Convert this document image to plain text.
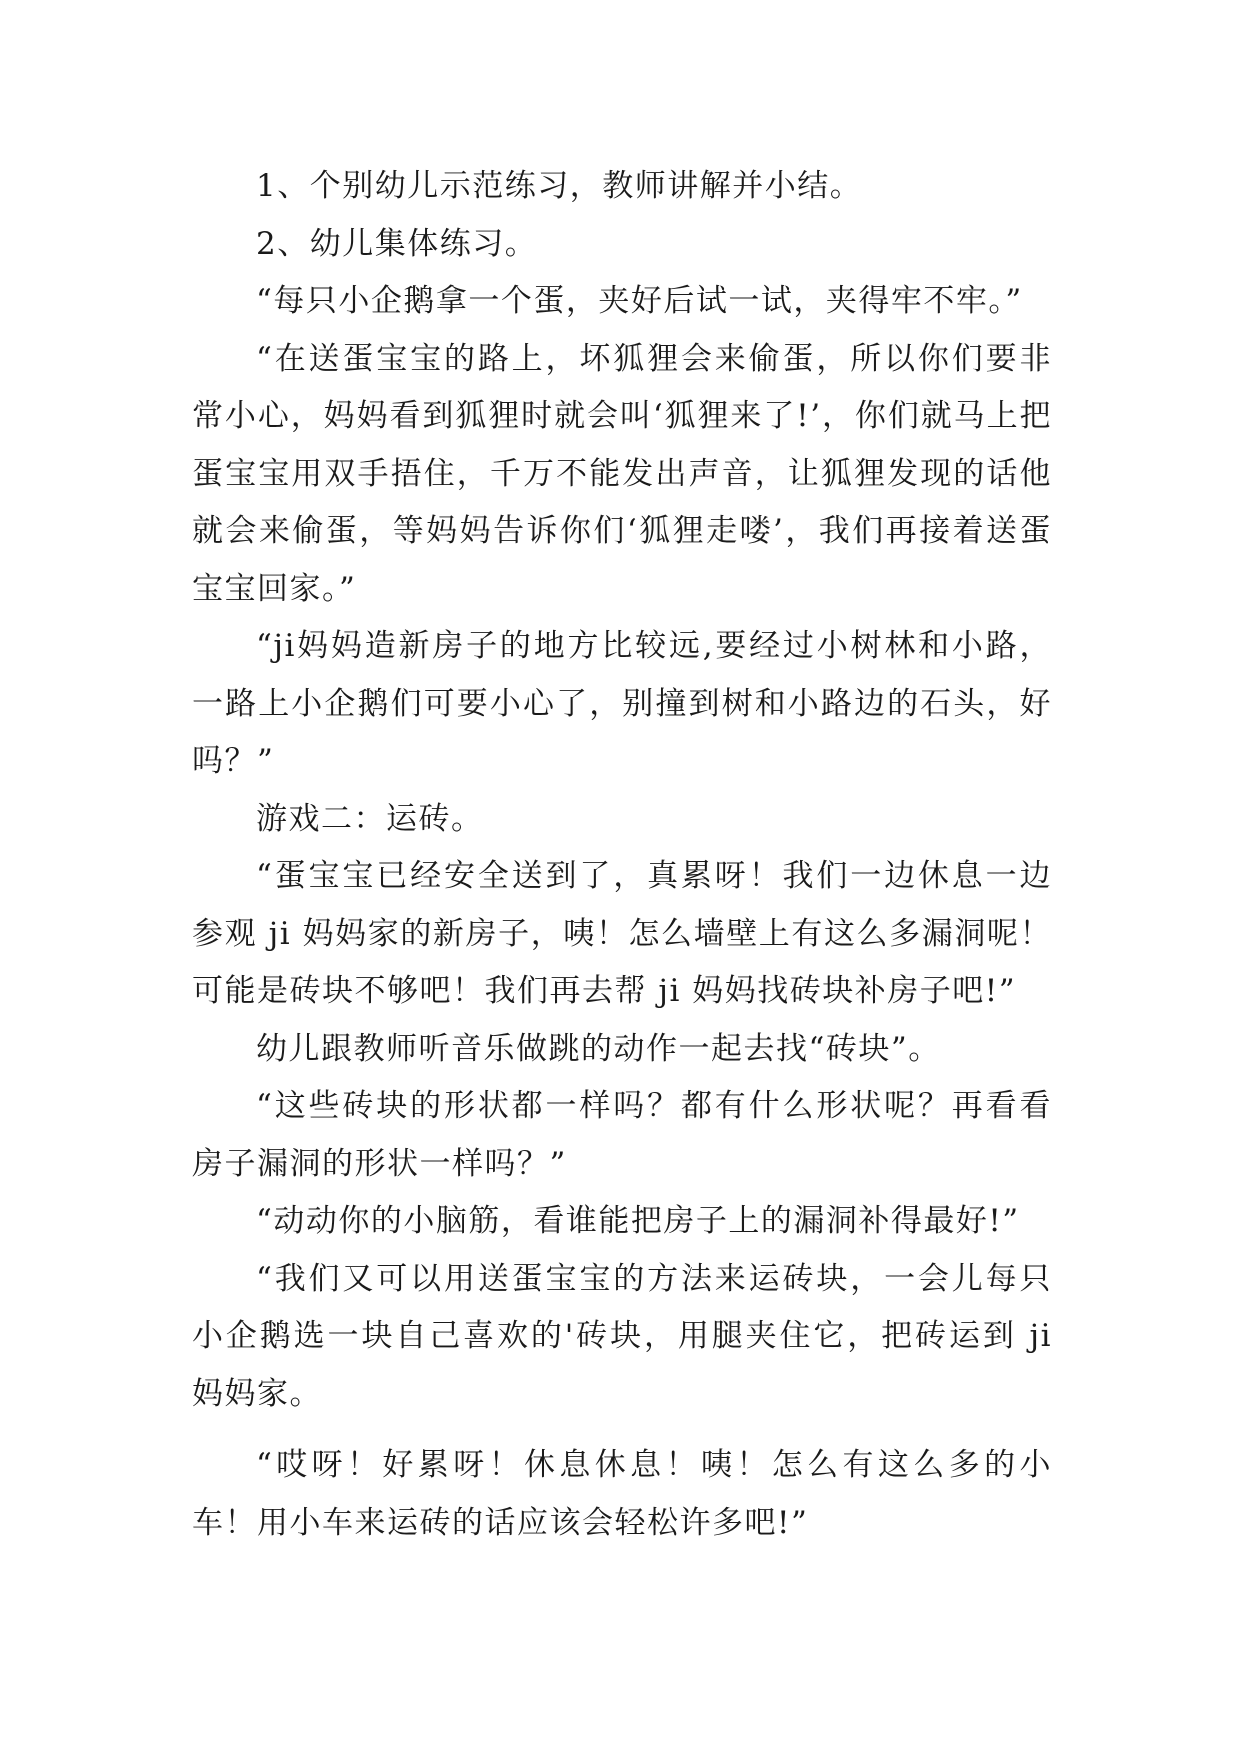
1、个别幼儿示范练习，教师讲解并小结。

2、幼儿集体练习。

“每只小企鹅拿一个蛋，夹好后试一试，夹得牢不牢。”

“在送蛋宝宝的路上，坏狐狸会来偷蛋，所以你们要非常小心，妈妈看到狐狸时就会叫‘狐狸来了!’，你们就马上把蛋宝宝用双手捂住，千万不能发出声音，让狐狸发现的话他就会来偷蛋，等妈妈告诉你们‘狐狸走喽’，我们再接着送蛋宝宝回家。”

“ji妈妈造新房子的地方比较远,要经过小树林和小路，一路上小企鹅们可要小心了，别撞到树和小路边的石头，好吗？”

游戏二：运砖。

“蛋宝宝已经安全送到了，真累呀！我们一边休息一边参观 ji 妈妈家的新房子，咦！怎么墙壁上有这么多漏洞呢！可能是砖块不够吧！我们再去帮 ji 妈妈找砖块补房子吧!”

幼儿跟教师听音乐做跳的动作一起去找“砖块”。

“这些砖块的形状都一样吗？都有什么形状呢？再看看房子漏洞的形状一样吗？”

“动动你的小脑筋，看谁能把房子上的漏洞补得最好!”

“我们又可以用送蛋宝宝的方法来运砖块，一会儿每只小企鹅选一块自己喜欢的'砖块，用腿夹住它，把砖运到 ji 妈妈家。

“哎呀！好累呀！休息休息！咦！怎么有这么多的小车！用小车来运砖的话应该会轻松许多吧!”
